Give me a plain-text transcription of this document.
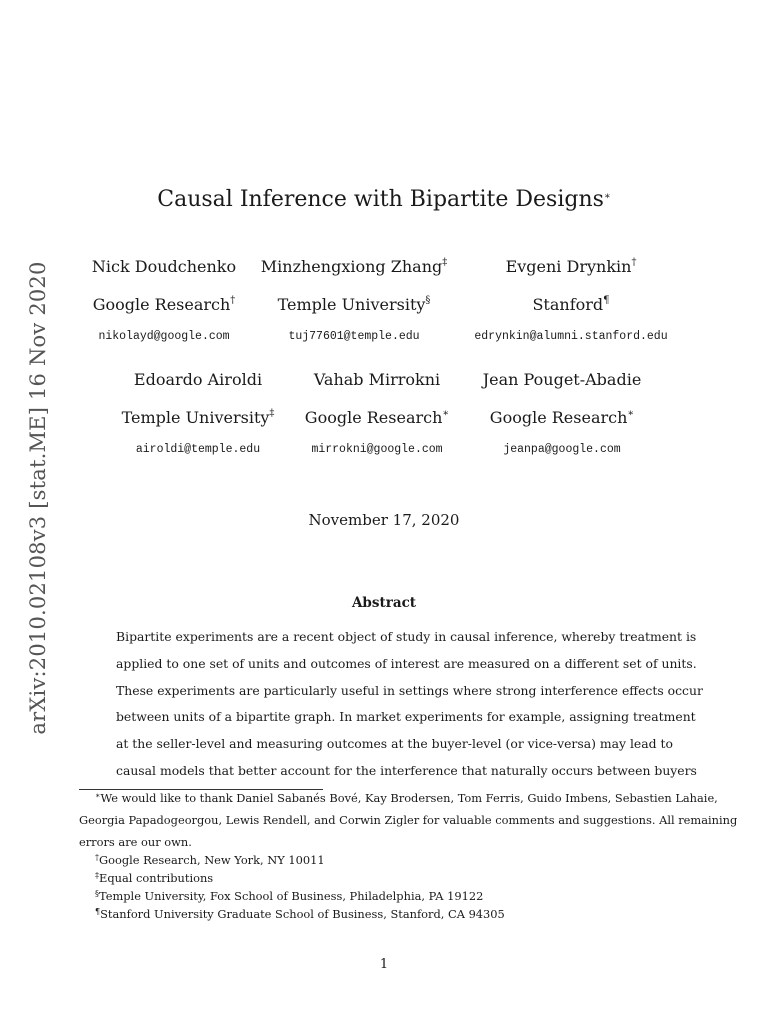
arXiv:2010.02108v3 [stat.ME] 16 Nov 2020
Causal Inference with Bipartite Designs∗
Nick Doudchenko
Google Research†
nikolayd@google.com
Minzhengxiong Zhang‡
Temple University§
tuj77601@temple.edu
Evgeni Drynkin†
Stanford¶
edrynkin@alumni.stanford.edu
Edoardo Airoldi
Temple University‡
airoldi@temple.edu
Vahab Mirrokni
Google Research∗
mirrokni@google.com
Jean Pouget-Abadie
Google Research∗
jeanpa@google.com
November 17, 2020
Abstract
Bipartite experiments are a recent object of study in causal inference, whereby treatment is
applied to one set of units and outcomes of interest are measured on a different set of units.
These experiments are particularly useful in settings where strong interference effects occur
between units of a bipartite graph. In market experiments for example, assigning treatment
at the seller-level and measuring outcomes at the buyer-level (or vice-versa) may lead to
causal models that better account for the interference that naturally occurs between buyers
∗We would like to thank Daniel Sabanés Bové, Kay Brodersen, Tom Ferris, Guido Imbens, Sebastien Lahaie,
Georgia Papadogeorgou, Lewis Rendell, and Corwin Zigler for valuable comments and suggestions. All remaining
errors are our own.
†Google Research, New York, NY 10011
‡Equal contributions
§Temple University, Fox School of Business, Philadelphia, PA 19122
¶Stanford University Graduate School of Business, Stanford, CA 94305
1
